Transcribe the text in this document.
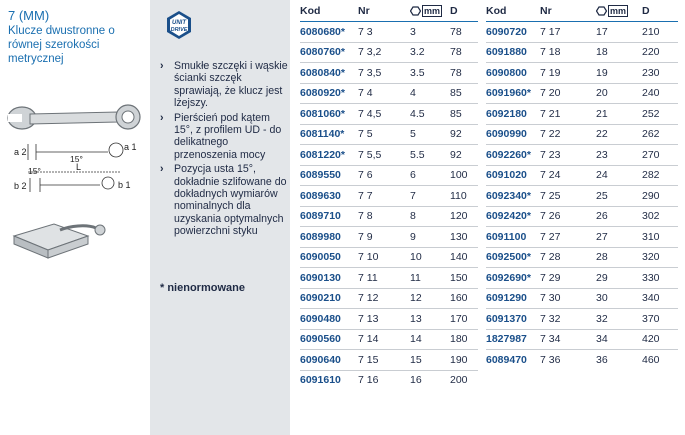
7 (MM)
Klucze dwustronne o równej szerokości metrycznej
a 2	a 1
15°
15°	L
b 2	b 1
UNIT
DRIVE
› Smukłe szczęki i wąskie ścianki szczęk sprawiają, że klucz jest lżejszy.
› Pierścień pod kątem 15°, z profilem UD - do delikatnego przenoszenia mocy
› Pozycja usta 15°, dokładnie szlifowane do dokładnych wymiarów nominalnych dla uzyskania optymalnych powierzchni styku
* nienormowane
Kod	Nr	mm	D
6080680*	7 3	3	78
6080760*	7 3,2	3.2	78
6080840*	7 3,5	3.5	78
6080920*	7 4	4	85
6081060*	7 4,5	4.5	85
6081140*	7 5	5	92
6081220*	7 5,5	5.5	92
6089550	7 6	6	100
6089630	7 7	7	110
6089710	7 8	8	120
6089980	7 9	9	130
6090050	7 10	10	140
6090130	7 11	11	150
6090210	7 12	12	160
6090480	7 13	13	170
6090560	7 14	14	180
6090640	7 15	15	190
6091610	7 16	16	200
Kod	Nr	mm	D
6090720	7 17	17	210
6091880	7 18	18	220
6090800	7 19	19	230
6091960*	7 20	20	240
6092180	7 21	21	252
6090990	7 22	22	262
6092260*	7 23	23	270
6091020	7 24	24	282
6092340*	7 25	25	290
6092420*	7 26	26	302
6091100	7 27	27	310
6092500*	7 28	28	320
6092690*	7 29	29	330
6091290	7 30	30	340
6091370	7 32	32	370
1827987	7 34	34	420
6089470	7 36	36	460
